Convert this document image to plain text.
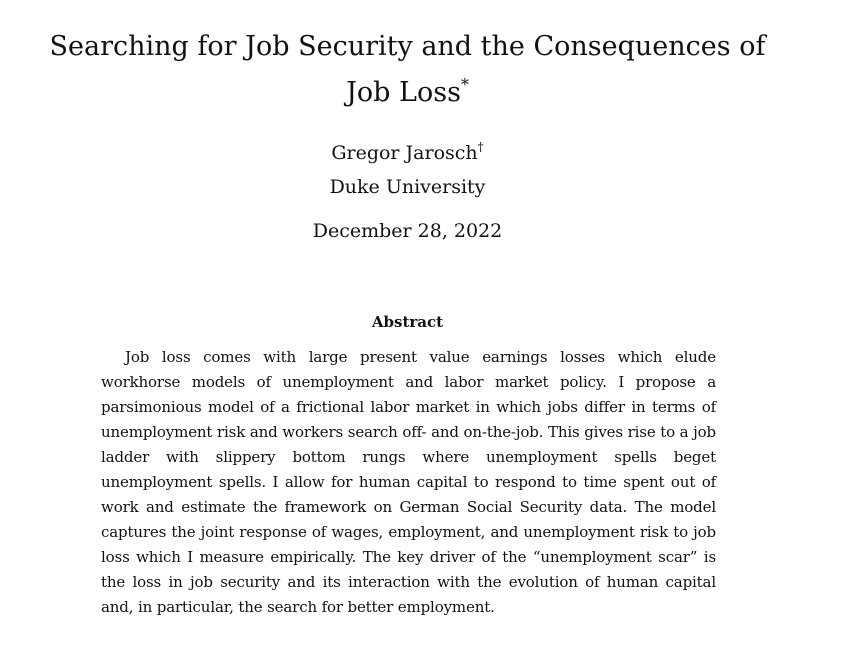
Searching for Job Security and the Consequences of Job Loss*
Gregor Jarosch†
Duke University
December 28, 2022
Abstract

Job loss comes with large present value earnings losses which elude workhorse models of unemployment and labor market policy. I propose a parsimonious model of a frictional labor market in which jobs differ in terms of unemployment risk and workers search off- and on-the-job. This gives rise to a job ladder with slippery bottom rungs where unemployment spells beget unemployment spells. I allow for human capital to respond to time spent out of work and estimate the framework on German Social Security data. The model captures the joint response of wages, employment, and unemployment risk to job loss which I measure empirically. The key driver of the “unemployment scar” is the loss in job security and its interaction with the evolution of human capital and, in particular, the search for better employment.
